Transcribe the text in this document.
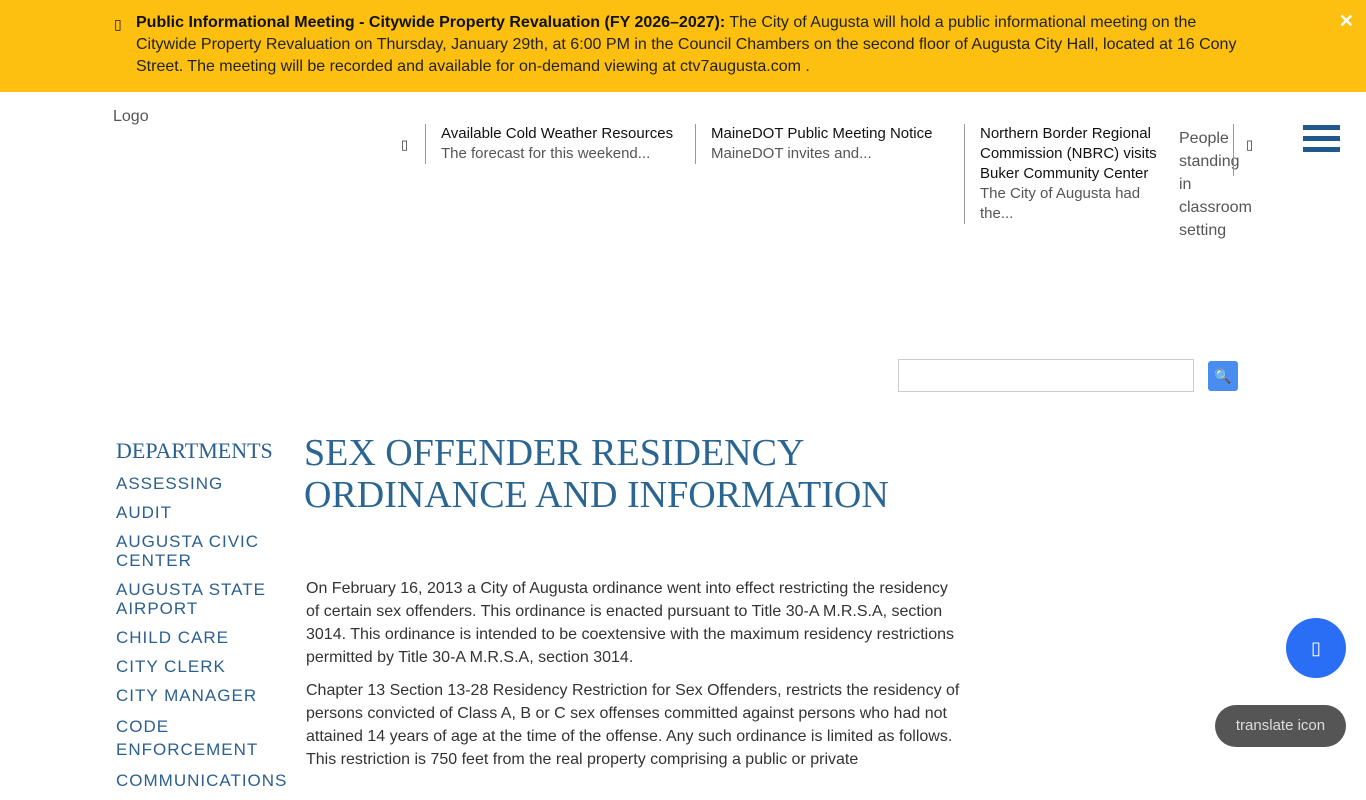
▯ Public Informational Meeting - Citywide Property Revaluation (FY 2026–2027): The City of Augusta will hold a public informational meeting on the Citywide Property Revaluation on Thursday, January 29th, at 6:00 PM in the Council Chambers on the second floor of Augusta City Hall, located at 16 Cony Street. The meeting will be recorded and available for on-demand viewing at ctv7augusta.com .
✕
Logo
▯
Available Cold Weather Resources
The forecast for this weekend...
MaineDOT Public Meeting Notice
MaineDOT invites and...
Northern Border Regional Commission (NBRC) visits Buker Community Center
The City of Augusta had the...
People standing in classroom setting
▯
🔍
DEPARTMENTS
ASSESSING
AUDIT
AUGUSTA CIVIC CENTER
AUGUSTA STATE AIRPORT
CHILD CARE
CITY CLERK
CITY MANAGER
CODE ENFORCEMENT
COMMUNICATIONS
SEX OFFENDER RESIDENCY ORDINANCE AND INFORMATION

On February 16, 2013 a City of Augusta ordinance went into effect restricting the residency of certain sex offenders. This ordinance is enacted pursuant to Title 30-A M.R.S.A, section 3014. This ordinance is intended to be coextensive with the maximum residency restrictions permitted by Title 30-A M.R.S.A, section 3014.

Chapter 13 Section 13-28 Residency Restriction for Sex Offenders, restricts the residency of persons convicted of Class A, B or C sex offenses committed against persons who had not attained 14 years of age at the time of the offense. Any such ordinance is limited as follows. This restriction is 750 feet from the real property comprising a public or private

▯
translate icon
